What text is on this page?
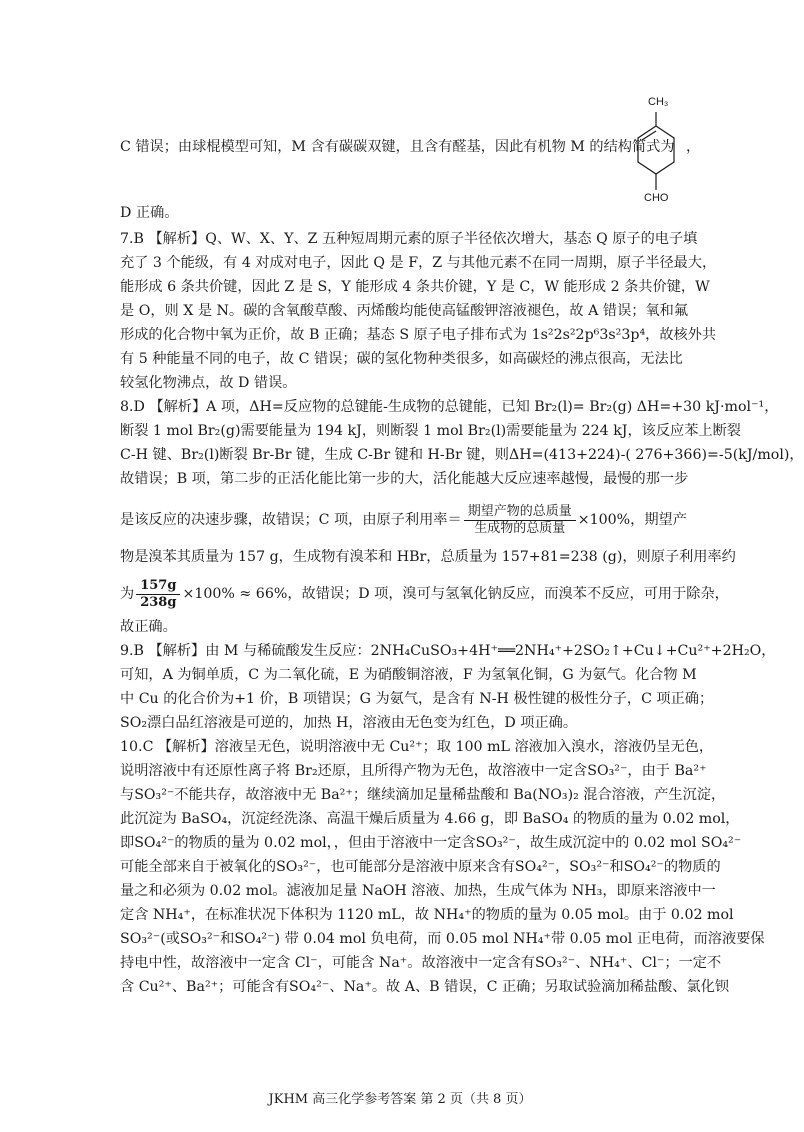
C 错误；由球棍模型可知，M 含有碳碳双键，且含有醛基，因此有机物 M 的结构简式为 ，
CH₃
CHO
D 正确。
7.B 【解析】Q、W、X、Y、Z 五种短周期元素的原子半径依次增大，基态 Q 原子的电子填
充了 3 个能级，有 4 对成对电子，因此 Q 是 F，Z 与其他元素不在同一周期，原子半径最大，
能形成 6 条共价键，因此 Z 是 S，Y 能形成 4 条共价键，Y 是 C，W 能形成 2 条共价键，W
是 O，则 X 是 N。碳的含氧酸草酸、丙烯酸均能使高锰酸钾溶液褪色，故 A 错误；氧和氟
形成的化合物中氧为正价，故 B 正确；基态 S 原子电子排布式为 1s²2s²2p⁶3s²3p⁴，故核外共
有 5 种能量不同的电子，故 C 错误；碳的氢化物种类很多，如高碳烃的沸点很高，无法比
较氢化物沸点，故 D 错误。
8.D 【解析】A 项，ΔH=反应物的总键能-生成物的总键能，已知 Br₂(l)= Br₂(g) ΔH=+30 kJ·mol⁻¹，
断裂 1 mol Br₂(g)需要能量为 194 kJ，则断裂 1 mol Br₂(l)需要能量为 224 kJ，该反应苯上断裂
C-H 键、Br₂(l)断裂 Br-Br 键，生成 C-Br 键和 H-Br 键，则ΔH=(413+224)-( 276+366)=-5(kJ/mol)，
故错误；B 项，第二步的正活化能比第一步的大，活化能越大反应速率越慢，最慢的那一步
是该反应的决速步骤，故错误；C 项，由原子利用率＝ $\frac{\text{期望产物的总质量}}{\text{生成物的总质量}} \times 100\%$，期望产
物是溴苯其质量为 157 g，生成物有溴苯和 HBr，总质量为 157+81=238 (g)，则原子利用率约
为 $\frac{157g}{238g} \times 100\% \approx 66\%$，故错误；D 项，溴可与氢氧化钠反应，而溴苯不反应，可用于除杂，
故正确。
9.B 【解析】由 M 与稀硫酸发生反应：2NH₄CuSO₃+4H⁺══2NH₄⁺+2SO₂↑+Cu↓+Cu²⁺+2H₂O，
可知，A 为铜单质，C 为二氧化硫，E 为硝酸铜溶液，F 为氢氧化铜，G 为氨气。化合物 M
中 Cu 的化合价为+1 价，B 项错误；G 为氨气，是含有 N-H 极性键的极性分子，C 项正确；
SO₂漂白品红溶液是可逆的，加热 H，溶液由无色变为红色，D 项正确。
10.C 【解析】溶液呈无色，说明溶液中无 Cu²⁺；取 100 mL 溶液加入溴水，溶液仍呈无色，
说明溶液中有还原性离子将 Br₂还原，且所得产物为无色，故溶液中一定含SO₃²⁻，由于 Ba²⁺
与SO₃²⁻不能共存，故溶液中无 Ba²⁺；继续滴加足量稀盐酸和 Ba(NO₃)₂ 混合溶液，产生沉淀，
此沉淀为 BaSO₄，沉淀经洗涤、高温干燥后质量为 4.66 g，即 BaSO₄ 的物质的量为 0.02 mol，
即SO₄²⁻的物质的量为 0.02 mol，，但由于溶液中一定含SO₃²⁻，故生成沉淀中的 0.02 mol SO₄²⁻
可能全部来自于被氧化的SO₃²⁻，也可能部分是溶液中原来含有SO₄²⁻，SO₃²⁻和SO₄²⁻的物质的
量之和必须为 0.02 mol。滤液加足量 NaOH 溶液、加热，生成气体为 NH₃，即原来溶液中一
定含 NH₄⁺，在标准状况下体积为 1120 mL，故 NH₄⁺的物质的量为 0.05 mol。由于 0.02 mol
SO₃²⁻(或SO₃²⁻和SO₄²⁻) 带 0.04 mol 负电荷，而 0.05 mol NH₄⁺带 0.05 mol 正电荷，而溶液要保
持电中性，故溶液中一定含 Cl⁻，可能含 Na⁺。故溶液中一定含有SO₃²⁻、NH₄⁺、Cl⁻；一定不
含 Cu²⁺、Ba²⁺；可能含有SO₄²⁻、Na⁺。故 A、B 错误，C 正确；另取试验滴加稀盐酸、氯化钡
JKHM 高三化学参考答案 第 2 页（共 8 页）
